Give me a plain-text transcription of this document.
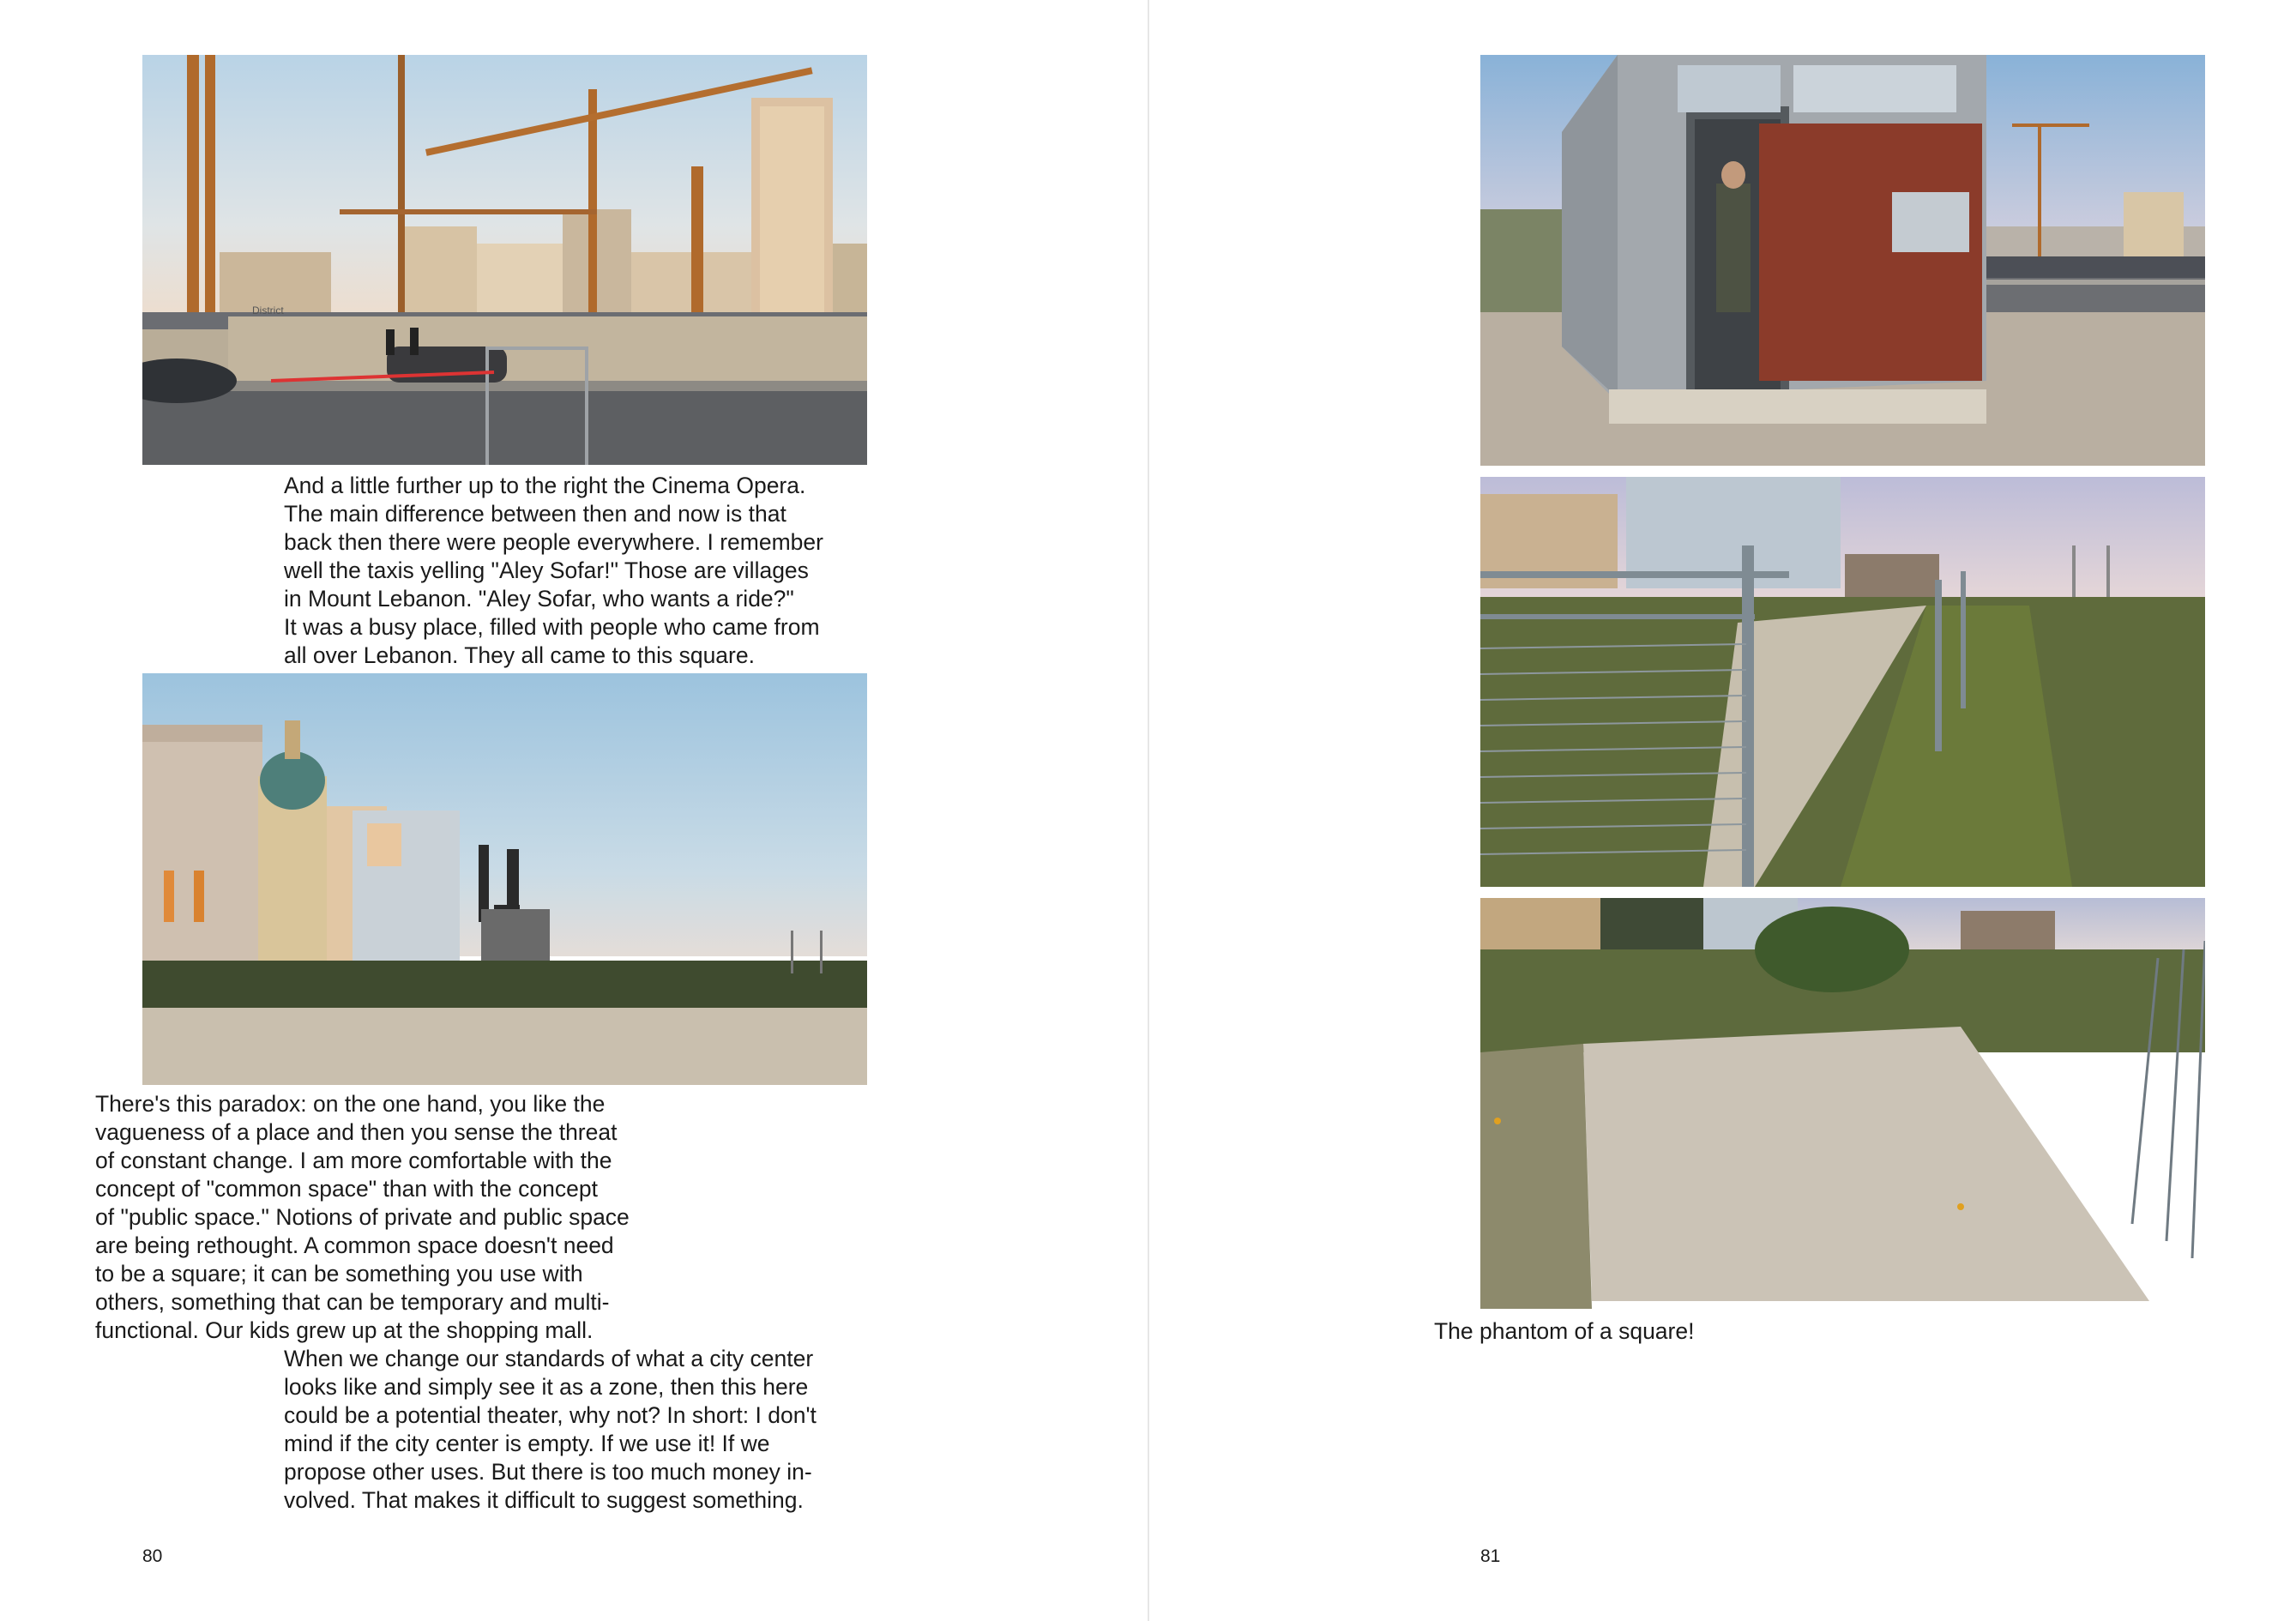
District

And a little further up to the right the Cinema Opera.
The main difference between then and now is that
back then there were people everywhere. I remember
well the taxis yelling "Aley Sofar!" Those are villages
in Mount Lebanon. "Aley Sofar, who wants a ride?"
It was a busy place, filled with people who came from
all over Lebanon. They all came to this square.

There's this paradox: on the one hand, you like the
vagueness of a place and then you sense the threat
of constant change. I am more comfortable with the
concept of "common space" than with the concept
of "public space." Notions of private and public space
are being rethought. A common space doesn't need
to be a square; it can be something you use with
others, something that can be temporary and multi-
functional. Our kids grew up at the shopping mall.

When we change our standards of what a city center
looks like and simply see it as a zone, then this here
could be a potential theater, why not? In short: I don't
mind if the city center is empty. If we use it! If we
propose other uses. But there is too much money in-
volved. That makes it difficult to suggest something.

80
The phantom of a square!
81
